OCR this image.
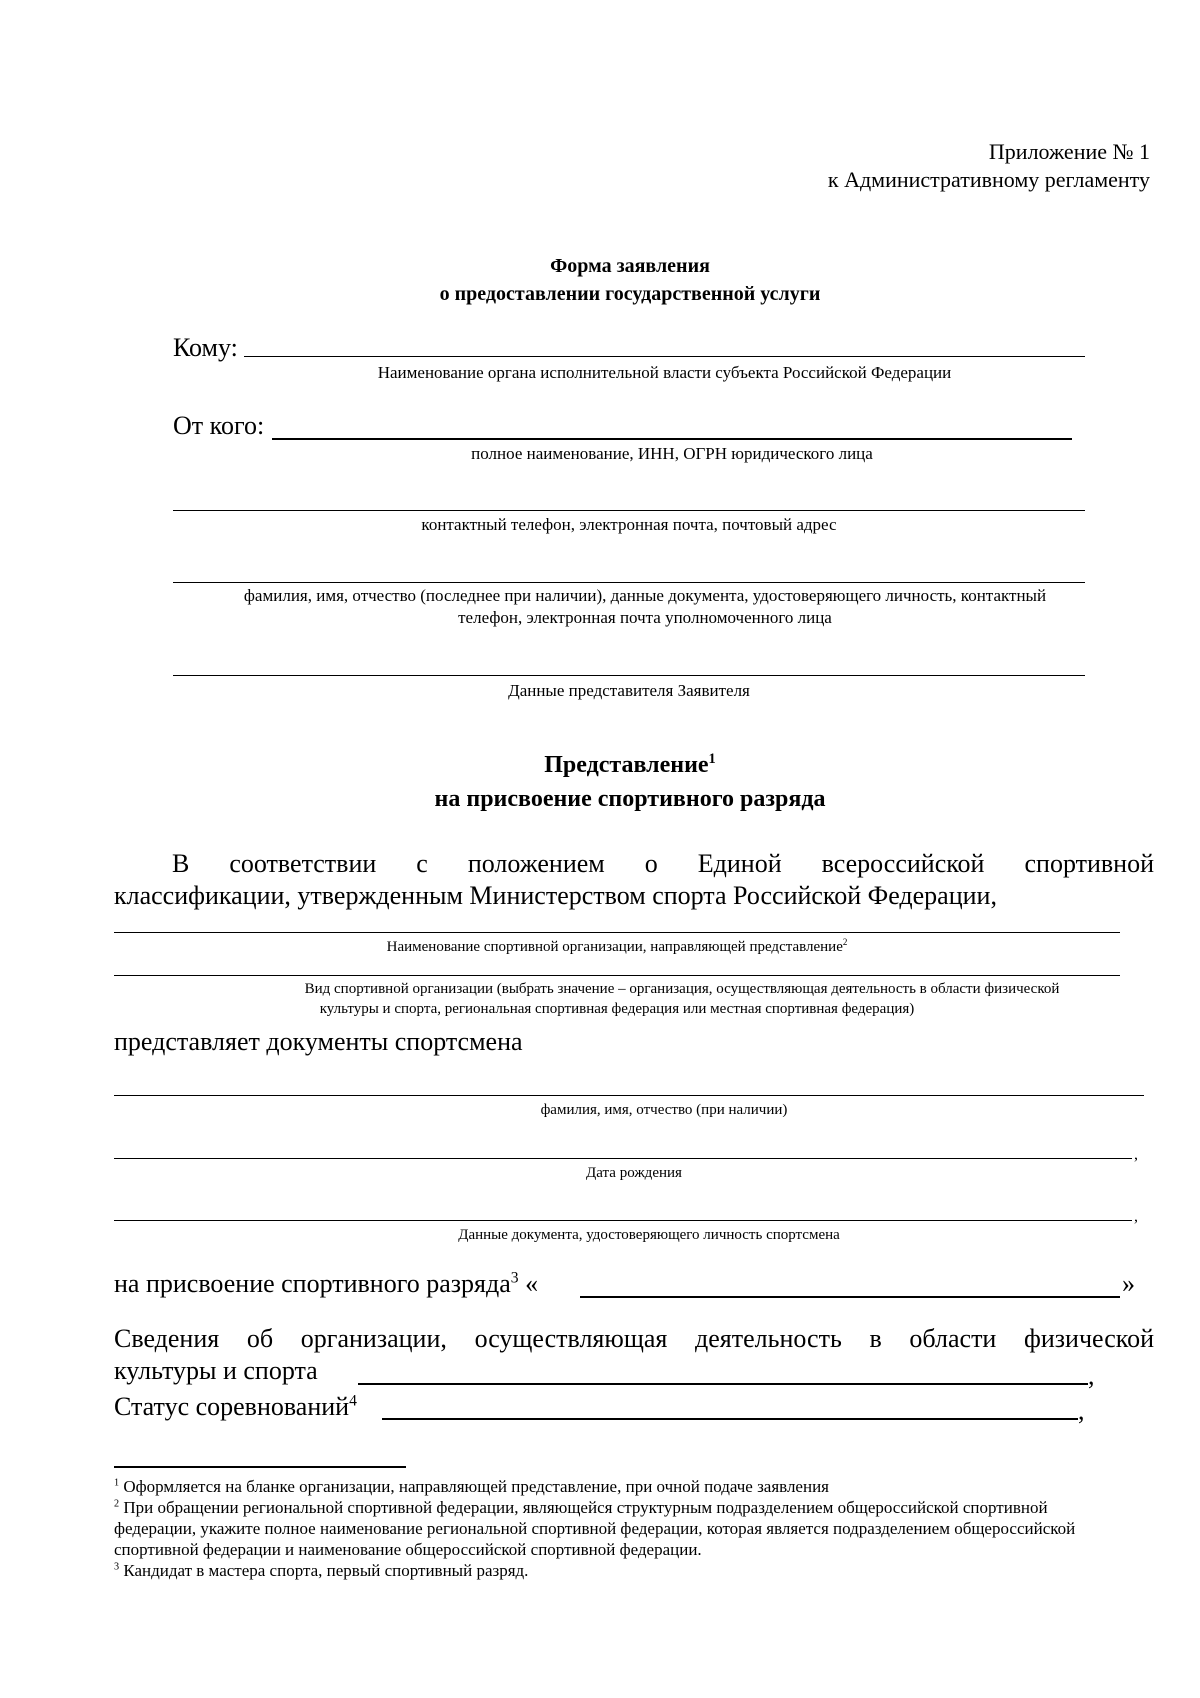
Приложение № 1
к Административному регламенту
Форма заявления
о предоставлении государственной услуги
Кому:
Наименование органа исполнительной власти субъекта Российской Федерации
От кого:
полное наименование, ИНН, ОГРН юридического лица
контактный телефон, электронная почта, почтовый адрес
фамилия, имя, отчество (последнее при наличии), данные документа, удостоверяющего личность, контактный
телефон, электронная почта уполномоченного лица
Данные представителя Заявителя
Представление$^1$
на присвоение спортивного разряда
В соответствии с положением о Единой всероссийской спортивной
классификации, утвержденным Министерством спорта Российской Федерации,
Наименование спортивной организации, направляющей представление$^2$
Вид спортивной организации (выбрать значение – организация, осуществляющая деятельность в области физической
культуры и спорта, региональная спортивная федерация или местная спортивная федерация)
представляет документы спортсмена
фамилия, имя, отчество (при наличии)
,
Дата рождения
,
Данные документа, удостоверяющего личность спортсмена
на присвоение спортивного разряда$^3$ «	»
Сведения об организации, осуществляющая деятельность в области физической
культуры и спорта	,
Статус соревнований$^4$	,
$^1$ Оформляется на бланке организации, направляющей представление, при очной подаче заявления
$^2$ При обращении региональной спортивной федерации, являющейся структурным подразделением общероссийской спортивной федерации, укажите полное наименование региональной спортивной федерации, которая является подразделением общероссийской спортивной федерации и наименование общероссийской спортивной федерации.
$^3$ Кандидат в мастера спорта, первый спортивный разряд.
